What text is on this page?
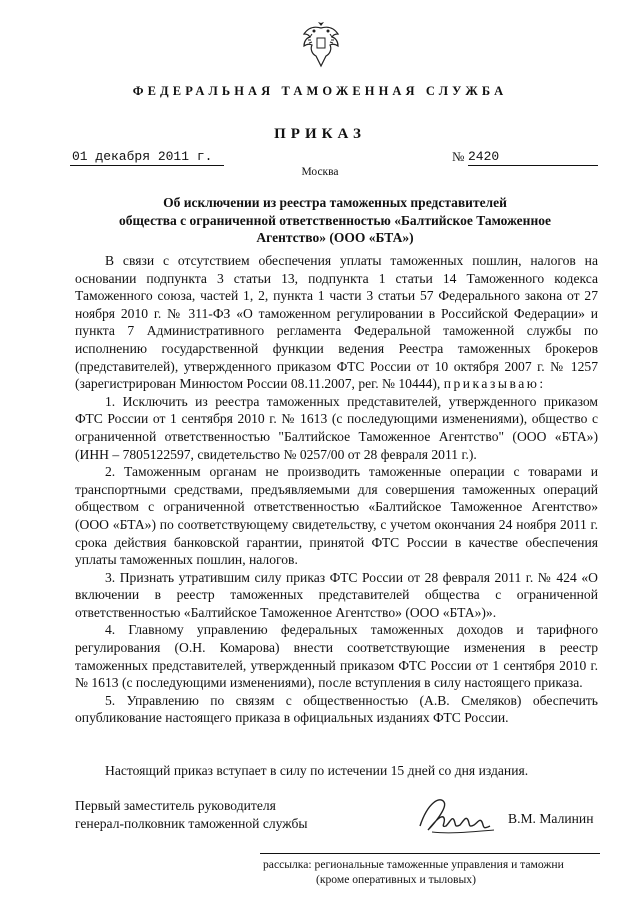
ФЕДЕРАЛЬНАЯ ТАМОЖЕННАЯ СЛУЖБА
ПРИКАЗ
01 декабря 2011 г.	№ 2420
Москва
Об исключении из реестра таможенных представителей
общества с ограниченной ответственностью «Балтийское Таможенное
Агентство» (ООО «БТА»)

В связи с отсутствием обеспечения уплаты таможенных пошлин, налогов на основании подпункта 3 статьи 13, подпункта 1 статьи 14 Таможенного кодекса Таможенного союза, частей 1, 2, пункта 1 части 3 статьи 57 Федерального закона от 27 ноября 2010 г. № 311-ФЗ «О таможенном регулировании в Российской Федерации» и пункта 7 Административного регламента Федеральной таможенной службы по исполнению государственной функции ведения Реестра таможенных брокеров (представителей), утвержденного приказом ФТС России от 10 октября 2007 г. № 1257 (зарегистрирован Минюстом России 08.11.2007, рег. № 10444), приказываю:

1. Исключить из реестра таможенных представителей, утвержденного приказом ФТС России от 1 сентября 2010 г. № 1613 (с последующими изменениями), общество с ограниченной ответственностью "Балтийское Таможенное Агентство" (ООО «БТА») (ИНН – 7805122597, свидетельство № 0257/00 от 28 февраля 2011 г.).

2. Таможенным органам не производить таможенные операции с товарами и транспортными средствами, предъявляемыми для совершения таможенных операций обществом с ограниченной ответственностью «Балтийское Таможенное Агентство» (ООО «БТА») по соответствующему свидетельству, с учетом окончания 24 ноября 2011 г. срока действия банковской гарантии, принятой ФТС России в качестве обеспечения уплаты таможенных пошлин, налогов.

3. Признать утратившим силу приказ ФТС России от 28 февраля 2011 г. № 424 «О включении в реестр таможенных представителей общества с ограниченной ответственностью «Балтийское Таможенное Агентство» (ООО «БТА»)».

4. Главному управлению федеральных таможенных доходов и тарифного регулирования (О.Н. Комарова) внести соответствующие изменения в реестр таможенных представителей, утвержденный приказом ФТС России от 1 сентября 2010 г. № 1613 (с последующими изменениями), после вступления в силу настоящего приказа.

5. Управлению по связям с общественностью (А.В. Смеляков) обеспечить опубликование настоящего приказа в официальных изданиях ФТС России.

Настоящий приказ вступает в силу по истечении 15 дней со дня издания.
Первый заместитель руководителя
генерал-полковник таможенной службы	В.М. Малинин
рассылка: региональные таможенные управления и таможни
(кроме оперативных и тыловых)
